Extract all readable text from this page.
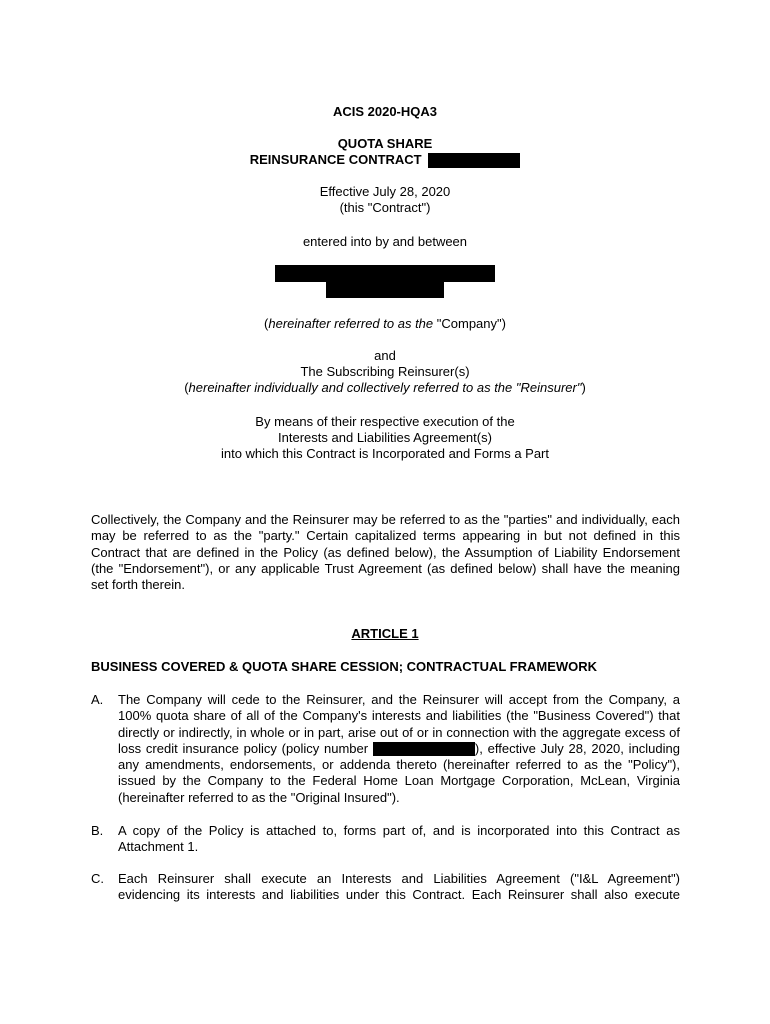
ACIS 2020-HQA3
QUOTA SHARE
REINSURANCE CONTRACT
Effective July 28, 2020
(this "Contract")
entered into by and between
(hereinafter referred to as the "Company")
and
The Subscribing Reinsurer(s)
(hereinafter individually and collectively referred to as the "Reinsurer")
By means of their respective execution of the
Interests and Liabilities Agreement(s)
into which this Contract is Incorporated and Forms a Part
Collectively, the Company and the Reinsurer may be referred to as the "parties" and individually, each may be referred to as the "party." Certain capitalized terms appearing in but not defined in this Contract that are defined in the Policy (as defined below), the Assumption of Liability Endorsement (the "Endorsement"), or any applicable Trust Agreement (as defined below) shall have the meaning set forth therein.
ARTICLE 1
BUSINESS COVERED & QUOTA SHARE CESSION; CONTRACTUAL FRAMEWORK
A. The Company will cede to the Reinsurer, and the Reinsurer will accept from the Company, a 100% quota share of all of the Company's interests and liabilities (the "Business Covered") that directly or indirectly, in whole or in part, arise out of or in connection with the aggregate excess of loss credit insurance policy (policy number	), effective July 28, 2020, including any amendments, endorsements, or addenda thereto (hereinafter referred to as the "Policy"), issued by the Company to the Federal Home Loan Mortgage Corporation, McLean, Virginia (hereinafter referred to as the "Original Insured").
B. A copy of the Policy is attached to, forms part of, and is incorporated into this Contract as Attachment 1.
C. Each Reinsurer shall execute an Interests and Liabilities Agreement ("I&L Agreement") evidencing its interests and liabilities under this Contract. Each Reinsurer shall also execute
